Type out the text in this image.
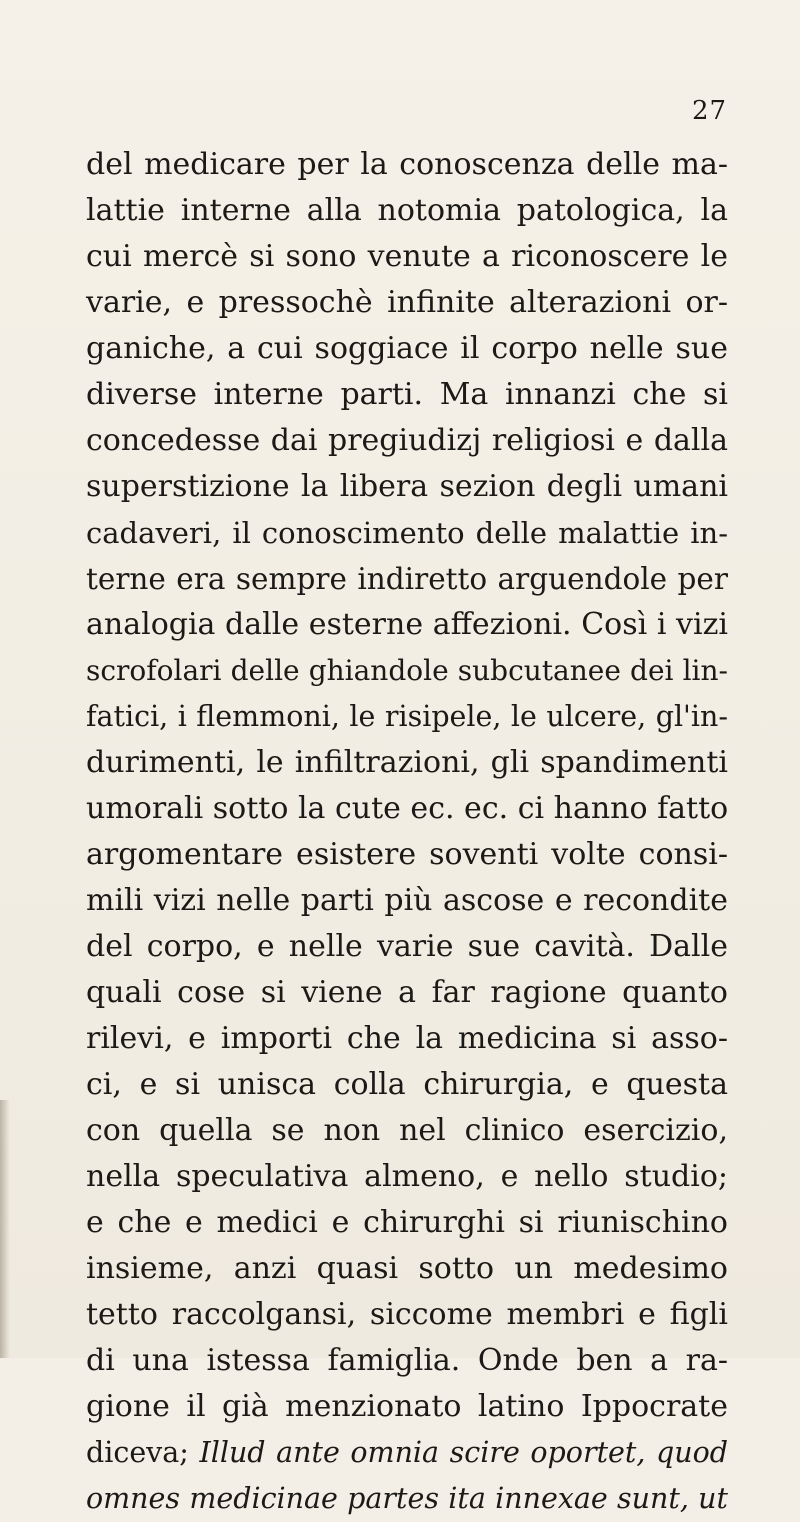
27
del medicare per la conoscenza delle ma-
lattie interne alla notomia patologica, la
cui mercè si sono venute a riconoscere le
varie, e pressochè infinite alterazioni or-
ganiche, a cui soggiace il corpo nelle sue
diverse interne parti. Ma innanzi che si
concedesse dai pregiudizj religiosi e dalla
superstizione la libera sezion degli umani
cadaveri, il conoscimento delle malattie in-
terne era sempre indiretto arguendole per
analogia dalle esterne affezioni. Così i vizi
scrofolari delle ghiandole subcutanee dei lin-
fatici, i flemmoni, le risipele, le ulcere, gl'in-
durimenti, le infiltrazioni, gli spandimenti
umorali sotto la cute ec. ec. ci hanno fatto
argomentare esistere soventi volte consi-
mili vizi nelle parti più ascose e recondite
del corpo, e nelle varie sue cavità. Dalle
quali cose si viene a far ragione quanto
rilevi, e importi che la medicina si asso-
ci, e si unisca colla chirurgia, e questa
con quella se non nel clinico esercizio,
nella speculativa almeno, e nello studio;
e che e medici e chirurghi si riunischino
insieme, anzi quasi sotto un medesimo
tetto raccolgansi, siccome membri e figli
di una istessa famiglia. Onde ben a ra-
gione il già menzionato latino Ippocrate
diceva; Illud ante omnia scire oportet, quod
omnes medicinae partes ita innexae sunt, ut
